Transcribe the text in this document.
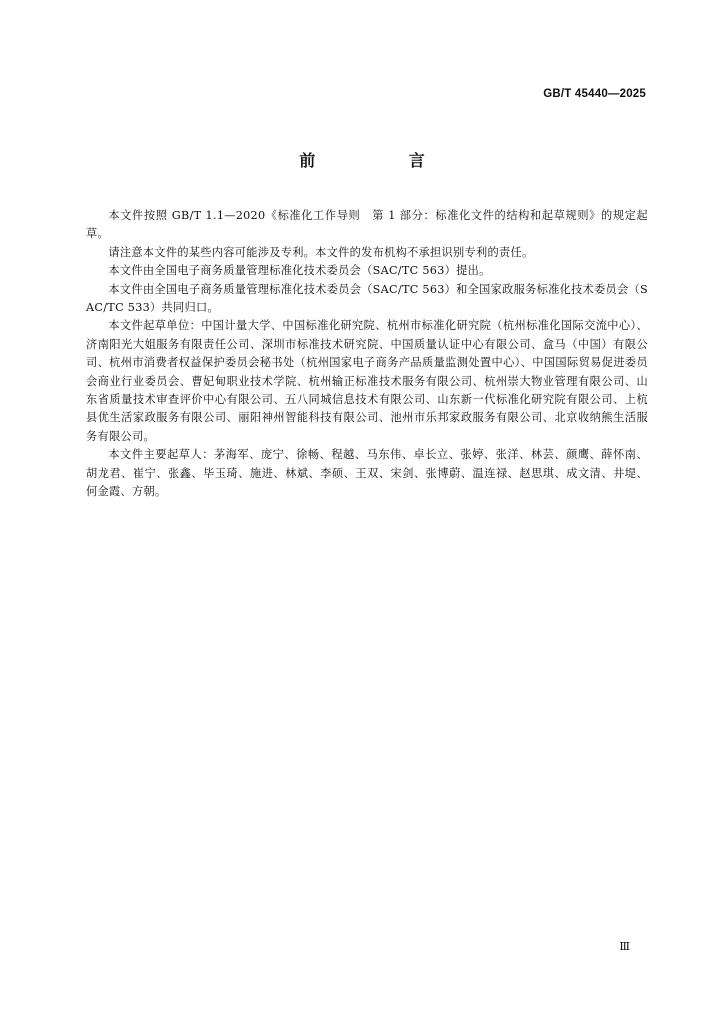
GB/T 45440—2025
前 言

本文件按照 GB/T 1.1—2020《标准化工作导则　第 1 部分：标准化文件的结构和起草规则》的规定起草。

请注意本文件的某些内容可能涉及专利。本文件的发布机构不承担识别专利的责任。

本文件由全国电子商务质量管理标准化技术委员会（SAC/TC 563）提出。

本文件由全国电子商务质量管理标准化技术委员会（SAC/TC 563）和全国家政服务标准化技术委员会（SAC/TC 533）共同归口。

本文件起草单位：中国计量大学、中国标准化研究院、杭州市标准化研究院（杭州标准化国际交流中心）、济南阳光大姐服务有限责任公司、深圳市标准技术研究院、中国质量认证中心有限公司、盒马（中国）有限公司、杭州市消费者权益保护委员会秘书处（杭州国家电子商务产品质量监测处置中心）、中国国际贸易促进委员会商业行业委员会、曹妃甸职业技术学院、杭州输正标准技术服务有限公司、杭州崇大物业管理有限公司、山东省质量技术审查评价中心有限公司、五八同城信息技术有限公司、山东新一代标准化研究院有限公司、上杭县优生活家政服务有限公司、丽阳神州智能科技有限公司、池州市乐邦家政服务有限公司、北京收纳熊生活服务有限公司。

本文件主要起草人：茅海军、庞宁、徐畅、程越、马东伟、卓长立、张婷、张洋、林芸、颜鹰、薛怀南、胡龙君、崔宁、张鑫、毕玉琦、施进、林斌、李硕、王双、宋剑、张博蔚、温连禄、赵思琪、成文清、井堤、何金霞、方朝。

Ⅲ
